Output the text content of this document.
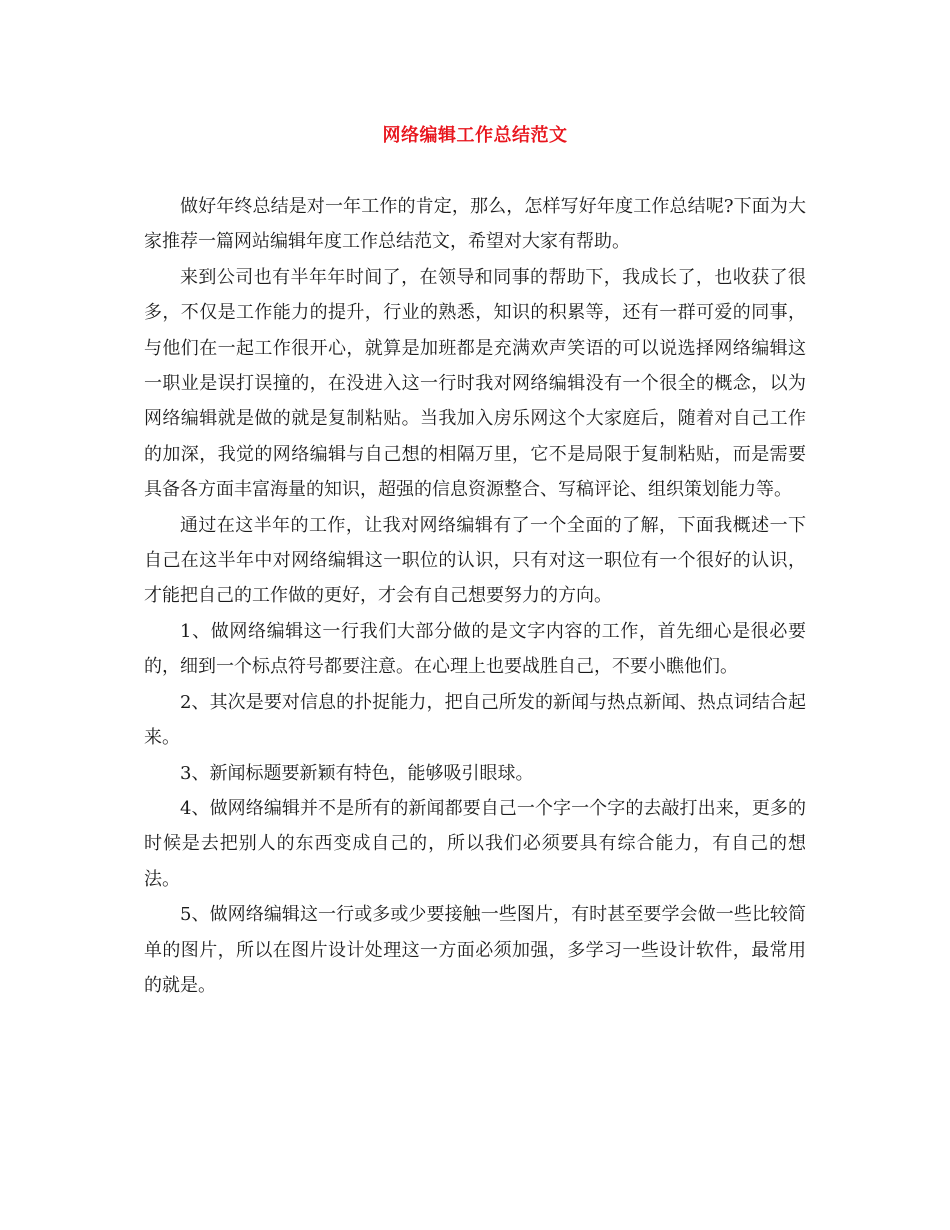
网络编辑工作总结范文

做好年终总结是对一年工作的肯定，那么，怎样写好年度工作总结呢?下面为大家推荐一篇网站编辑年度工作总结范文，希望对大家有帮助。

来到公司也有半年年时间了，在领导和同事的帮助下，我成长了，也收获了很多，不仅是工作能力的提升，行业的熟悉，知识的积累等，还有一群可爱的同事，与他们在一起工作很开心，就算是加班都是充满欢声笑语的可以说选择网络编辑这一职业是误打误撞的，在没进入这一行时我对网络编辑没有一个很全的概念，以为网络编辑就是做的就是复制粘贴。当我加入房乐网这个大家庭后，随着对自己工作的加深，我觉的网络编辑与自己想的相隔万里，它不是局限于复制粘贴，而是需要具备各方面丰富海量的知识，超强的信息资源整合、写稿评论、组织策划能力等。

通过在这半年的工作，让我对网络编辑有了一个全面的了解，下面我概述一下自己在这半年中对网络编辑这一职位的认识，只有对这一职位有一个很好的认识，才能把自己的工作做的更好，才会有自己想要努力的方向。

1、做网络编辑这一行我们大部分做的是文字内容的工作，首先细心是很必要的，细到一个标点符号都要注意。在心理上也要战胜自己，不要小瞧他们。

2、其次是要对信息的扑捉能力，把自己所发的新闻与热点新闻、热点词结合起来。

3、新闻标题要新颖有特色，能够吸引眼球。

4、做网络编辑并不是所有的新闻都要自己一个字一个字的去敲打出来，更多的时候是去把别人的东西变成自己的，所以我们必须要具有综合能力，有自己的想法。

5、做网络编辑这一行或多或少要接触一些图片，有时甚至要学会做一些比较简单的图片，所以在图片设计处理这一方面必须加强，多学习一些设计软件，最常用的就是。
